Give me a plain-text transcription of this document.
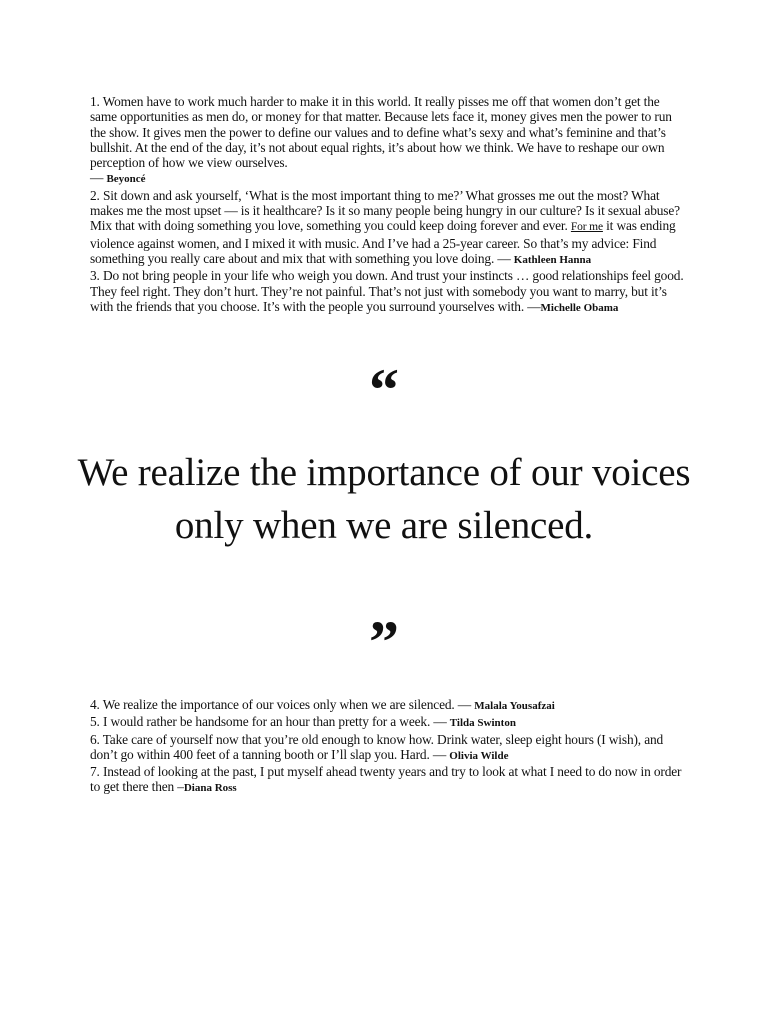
1. Women have to work much harder to make it in this world. It really pisses me off that women don’t get the same opportunities as men do, or money for that matter. Because lets face it, money gives men the power to run the show. It gives men the power to define our values and to define what’s sexy and what’s feminine and that’s bullshit. At the end of the day, it’s not about equal rights, it’s about how we think. We have to reshape our own perception of how we view ourselves.
— Beyoncé

2. Sit down and ask yourself, ‘What is the most important thing to me?’ What grosses me out the most? What makes me the most upset — is it healthcare? Is it so many people being hungry in our culture? Is it sexual abuse? Mix that with doing something you love, something you could keep doing forever and ever. For me it was ending violence against women, and I mixed it with music. And I’ve had a 25-year career. So that’s my advice: Find something you really care about and mix that with something you love doing. — Kathleen Hanna

3. Do not bring people in your life who weigh you down. And trust your instincts … good relationships feel good. They feel right. They don’t hurt. They’re not painful. That’s not just with somebody you want to marry, but it’s with the friends that you choose. It’s with the people you surround yourselves with. —Michelle Obama

“
We realize the importance of our voices only when we are silenced.
”

4. We realize the importance of our voices only when we are silenced. — Malala Yousafzai

5. I would rather be handsome for an hour than pretty for a week. — Tilda Swinton

6. Take care of yourself now that you’re old enough to know how. Drink water, sleep eight hours (I wish), and don’t go within 400 feet of a tanning booth or I’ll slap you. Hard. — Olivia Wilde

7. Instead of looking at the past, I put myself ahead twenty years and try to look at what I need to do now in order to get there then –Diana Ross
